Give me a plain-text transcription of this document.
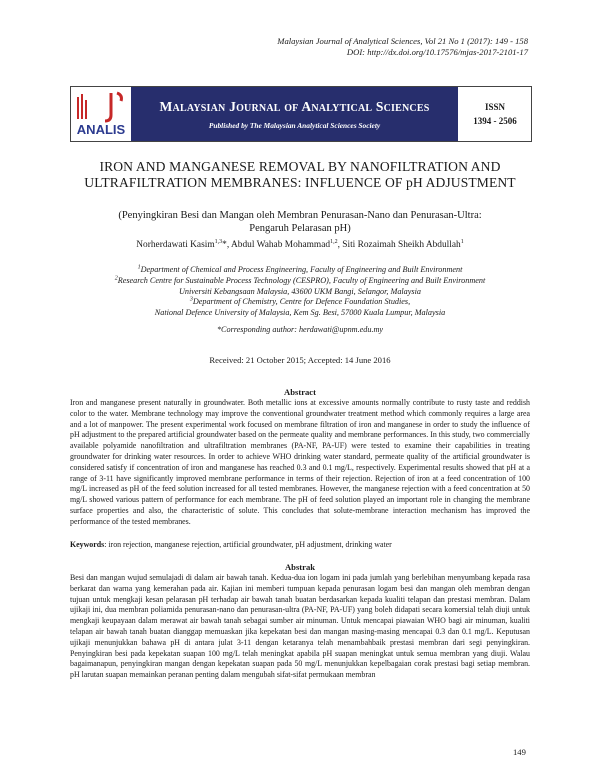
Malaysian Journal of Analytical Sciences, Vol 21 No 1 (2017): 149 - 158
DOI: http://dx.doi.org/10.17576/mjas-2017-2101-17
ANALIS
Malaysian Journal of Analytical Sciences
Published by The Malaysian Analytical Sciences Society
ISSN
1394 - 2506
IRON AND MANGANESE REMOVAL BY NANOFILTRATION AND
ULTRAFILTRATION MEMBRANES: INFLUENCE OF pH ADJUSTMENT
(Penyingkiran Besi dan Mangan oleh Membran Penurasan-Nano dan Penurasan-Ultra:
Pengaruh Pelarasan pH)
Norherdawati Kasim$^{1,3}$*, Abdul Wahab Mohammad$^{1,2}$, Siti Rozaimah Sheikh Abdullah$^1$
$^1$Department of Chemical and Process Engineering, Faculty of Engineering and Built Environment
$^2$Research Centre for Sustainable Process Technology (CESPRO), Faculty of Engineering and Built Environment
Universiti Kebangsaan Malaysia, 43600 UKM Bangi, Selangor, Malaysia
$^3$Department of Chemistry, Centre for Defence Foundation Studies,
National Defence University of Malaysia, Kem Sg. Besi, 57000 Kuala Lumpur, Malaysia
*Corresponding author: herdawati@upnm.edu.my
Received: 21 October 2015; Accepted: 14 June 2016
Abstract

Iron and manganese present naturally in groundwater. Both metallic ions at excessive amounts normally contribute to rusty taste and reddish color to the water. Membrane technology may improve the conventional groundwater treatment method which commonly requires a large area and a lot of manpower. The present experimental work focused on membrane filtration of iron and manganese in order to study the influence of pH adjustment to the prepared artificial groundwater based on the permeate quality and membrane performances. In this study, two commercially available polyamide nanofiltration and ultrafiltration membranes (PA-NF, PA-UF) were tested to examine their capabilities in treating groundwater for drinking water resources. In order to achieve WHO drinking water standard, permeate quality of the artificial groundwater is considered satisfy if concentration of iron and manganese has reached 0.3 and 0.1 mg/L, respectively. Experimental results showed that pH at a range of 3-11 have significantly improved membrane performance in terms of their rejection. Rejection of iron at a feed concentration of 100 mg/L increased as pH of the feed solution increased for all tested membranes. However, the manganese rejection with a feed concentration at 50 mg/L showed various pattern of performance for each membrane. The pH of feed solution played an important role in changing the membrane surface properties and also, the characteristic of solute. This concludes that solute-membrane interaction mechanism has improved the performance of the tested membranes.

Keywords: iron rejection, manganese rejection, artificial groundwater, pH adjustment, drinking water
Abstrak

Besi dan mangan wujud semulajadi di dalam air bawah tanah. Kedua-dua ion logam ini pada jumlah yang berlebihan menyumbang kepada rasa berkarat dan warna yang kemerahan pada air. Kajian ini memberi tumpuan kepada penurasan logam besi dan mangan oleh membran dengan tujuan untuk mengkaji kesan pelarasan pH terhadap air bawah tanah buatan berdasarkan kepada kualiti telapan dan prestasi membran. Dalam ujikaji ini, dua membran poliamida penurasan-nano dan penurasan-ultra (PA-NF, PA-UF) yang boleh didapati secara komersial telah diuji untuk mengkaji keupayaan dalam merawat air bawah tanah sebagai sumber air minuman. Untuk mencapai piawaian WHO bagi air minuman, kualiti telapan air bawah tanah buatan dianggap memuaskan jika kepekatan besi dan mangan masing-masing mencapai 0.3 dan 0.1 mg/L. Keputusan ujikaji menunjukkan bahawa pH di antara julat 3-11 dengan ketaranya telah menambahbaik prestasi membran dari segi penyingkiran. Penyingkiran besi pada kepekatan suapan 100 mg/L telah meningkat apabila pH suapan meningkat untuk semua membran yang diuji. Walau bagaimanapun, penyingkiran mangan dengan kepekatan suapan pada 50 mg/L menunjukkan kepelbagaian corak prestasi bagi setiap membran. pH larutan suapan memainkan peranan penting dalam mengubah sifat-sifat permukaan membran

149
